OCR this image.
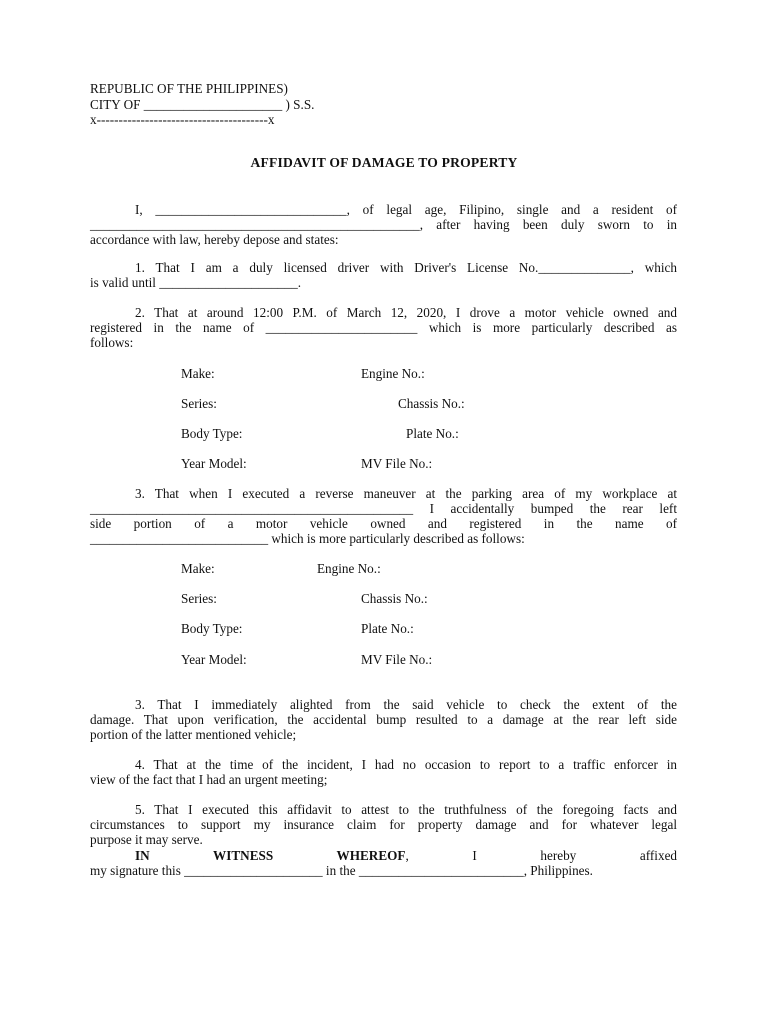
REPUBLIC OF THE PHILIPPINES)
CITY OF _____________________ ) S.S.
x---------------------------------------x
AFFIDAVIT OF DAMAGE TO PROPERTY
I, _____________________________, of legal age, Filipino, single and a resident of
__________________________________________________, after having been duly sworn to in
accordance with law, hereby depose and states:
1. That I am a duly licensed driver with Driver's License No.______________, which
is valid until _____________________.
2. That at around 12:00 P.M. of March 12, 2020, I drove a motor vehicle owned and
registered in the name of _______________________ which is more particularly described as
follows:
Make:	Engine No.:
Series:	Chassis No.:
Body Type:	Plate No.:
Year Model:	MV File No.:
3. That when I executed a reverse maneuver at the parking area of my workplace at
_________________________________________________ I accidentally bumped the rear left
side portion of a motor vehicle owned and registered in the name of
___________________________ which is more particularly described as follows:
Make:	Engine No.:
Series:	Chassis No.:
Body Type:	Plate No.:
Year Model:	MV File No.:
3. That I immediately alighted from the said vehicle to check the extent of the
damage. That upon verification, the accidental bump resulted to a damage at the rear left side
portion of the latter mentioned vehicle;
4. That at the time of the incident, I had no occasion to report to a traffic enforcer in
view of the fact that I had an urgent meeting;
5. That I executed this affidavit to attest to the truthfulness of the foregoing facts and
circumstances to support my insurance claim for property damage and for whatever legal
purpose it may serve.
IN WITNESS WHEREOF, I hereby affixed
my signature this _____________________ in the _________________________, Philippines.
